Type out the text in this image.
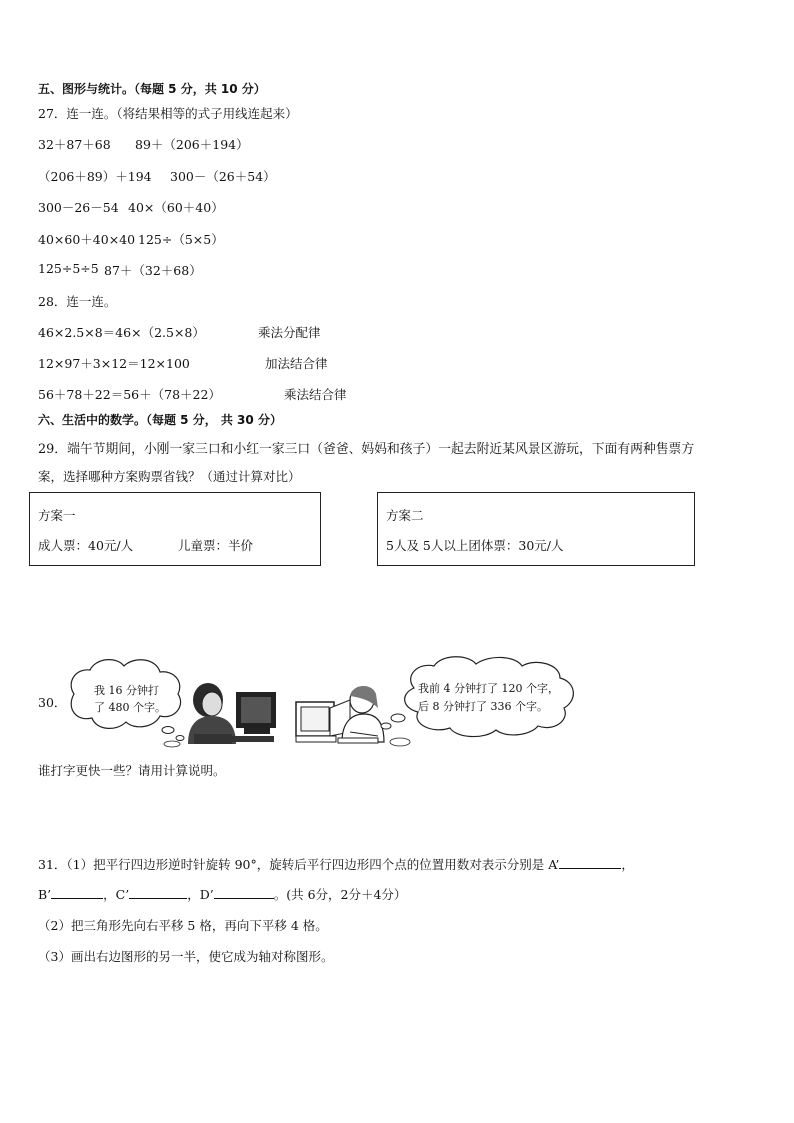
五、图形与统计。（每题 5 分，共 10 分）
27．连一连。（将结果相等的式子用线连起来）
32＋87＋68 89＋（206＋194）
（206＋89）＋194 300－（26＋54）
300－26－54 40×（60＋40）
40×60＋40×40 125÷（5×5）
125÷5÷5 87＋（32＋68）
28．连一连。
46×2.5×8＝46×（2.5×8）	乘法分配律
12×97＋3×12＝12×100	加法结合律
56＋78＋22＝56＋（78＋22）	乘法结合律
六、生活中的数学。（每题 5 分， 共 30 分）
29．端午节期间，小刚一家三口和小红一家三口（爸爸、妈妈和孩子）一起去附近某风景区游玩，下面有两种售票方
案，选择哪种方案购票省钱？（通过计算对比）
方案一
成人票：40元/人	儿童票：半价
方案二
5人及 5人以上团体票：30元/人
30．
我 16 分钟打
了 480 个字。
我前 4 分钟打了 120 个字，
后 8 分钟打了 336 个字。
谁打字更快一些？请用计算说明。
31．（1）把平行四边形逆时针旋转 90°，旋转后平行四边形四个点的位置用数对表示分别是 A’	，
B’	，C’	，D’	。(共 6分，2分＋4分）
（2）把三角形先向右平移 5 格，再向下平移 4 格。
（3）画出右边图形的另一半，使它成为轴对称图形。
